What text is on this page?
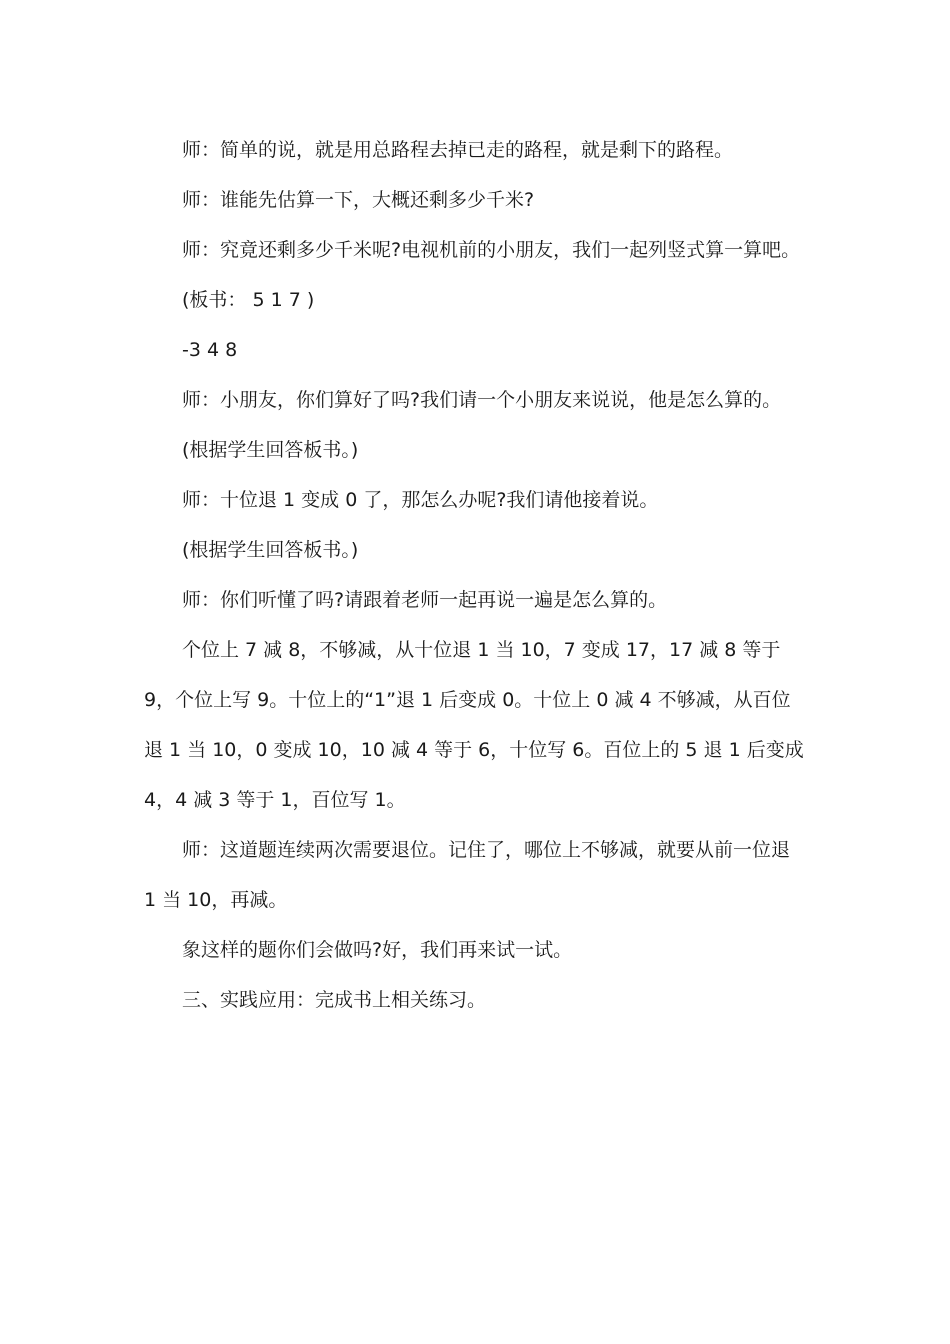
师：简单的说，就是用总路程去掉已走的路程，就是剩下的路程。

师：谁能先估算一下，大概还剩多少千米?

师：究竟还剩多少千米呢?电视机前的小朋友，我们一起列竖式算一算吧。

(板书： 5 1 7 )

-3 4 8

师：小朋友，你们算好了吗?我们请一个小朋友来说说，他是怎么算的。

(根据学生回答板书。)

师：十位退 1 变成 0 了，那怎么办呢?我们请他接着说。

(根据学生回答板书。)

师：你们听懂了吗?请跟着老师一起再说一遍是怎么算的。

个位上 7 减 8，不够减，从十位退 1 当 10，7 变成 17，17 减 8 等于 9，个位上写 9。十位上的“1”退 1 后变成 0。十位上 0 减 4 不够减，从百位退 1 当 10，0 变成 10，10 减 4 等于 6，十位写 6。百位上的 5 退 1 后变成 4，4 减 3 等于 1，百位写 1。

师：这道题连续两次需要退位。记住了，哪位上不够减，就要从前一位退 1 当 10，再减。

象这样的题你们会做吗?好，我们再来试一试。

三、实践应用：完成书上相关练习。
